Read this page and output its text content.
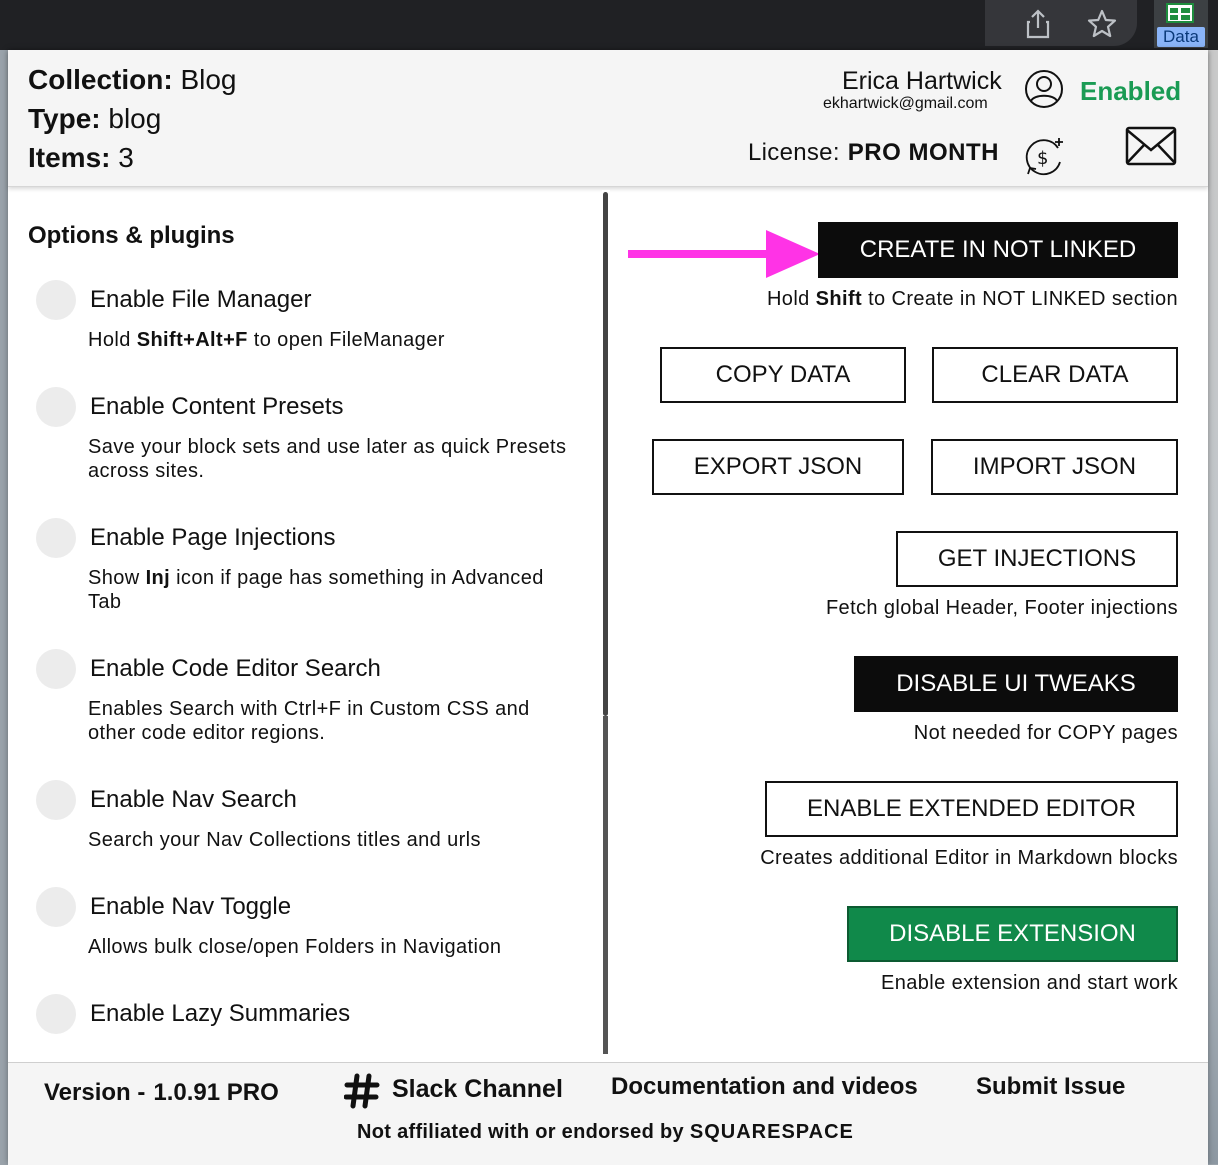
Data
Collection: Blog
Type: blog
Items: 3
Erica Hartwick
ekhartwick@gmail.com	Enabled
License: PRO MONTH $
Options & plugins
Enable File Manager
Hold Shift+Alt+F to open FileManager
Enable Content Presets
Save your block sets and use later as quick Presets across sites.
Enable Page Injections
Show Inj icon if page has something in Advanced Tab
Enable Code Editor Search
Enables Search with Ctrl+F in Custom CSS and other code editor regions.
Enable Nav Search
Search your Nav Collections titles and urls
Enable Nav Toggle
Allows bulk close/open Folders in Navigation
Enable Lazy Summaries
CREATE IN NOT LINKED
Hold Shift to Create in NOT LINKED section
COPY DATA	CLEAR DATA
EXPORT JSON	IMPORT JSON
GET INJECTIONS
Fetch global Header, Footer injections
DISABLE UI TWEAKS
Not needed for COPY pages
ENABLE EXTENDED EDITOR
Creates additional Editor in Markdown blocks
DISABLE EXTENSION
Enable extension and start work
Version - 1.0.91 PRO	Slack Channel Documentation and videos Submit Issue
Not affiliated with or endorsed by SQUARESPACE
